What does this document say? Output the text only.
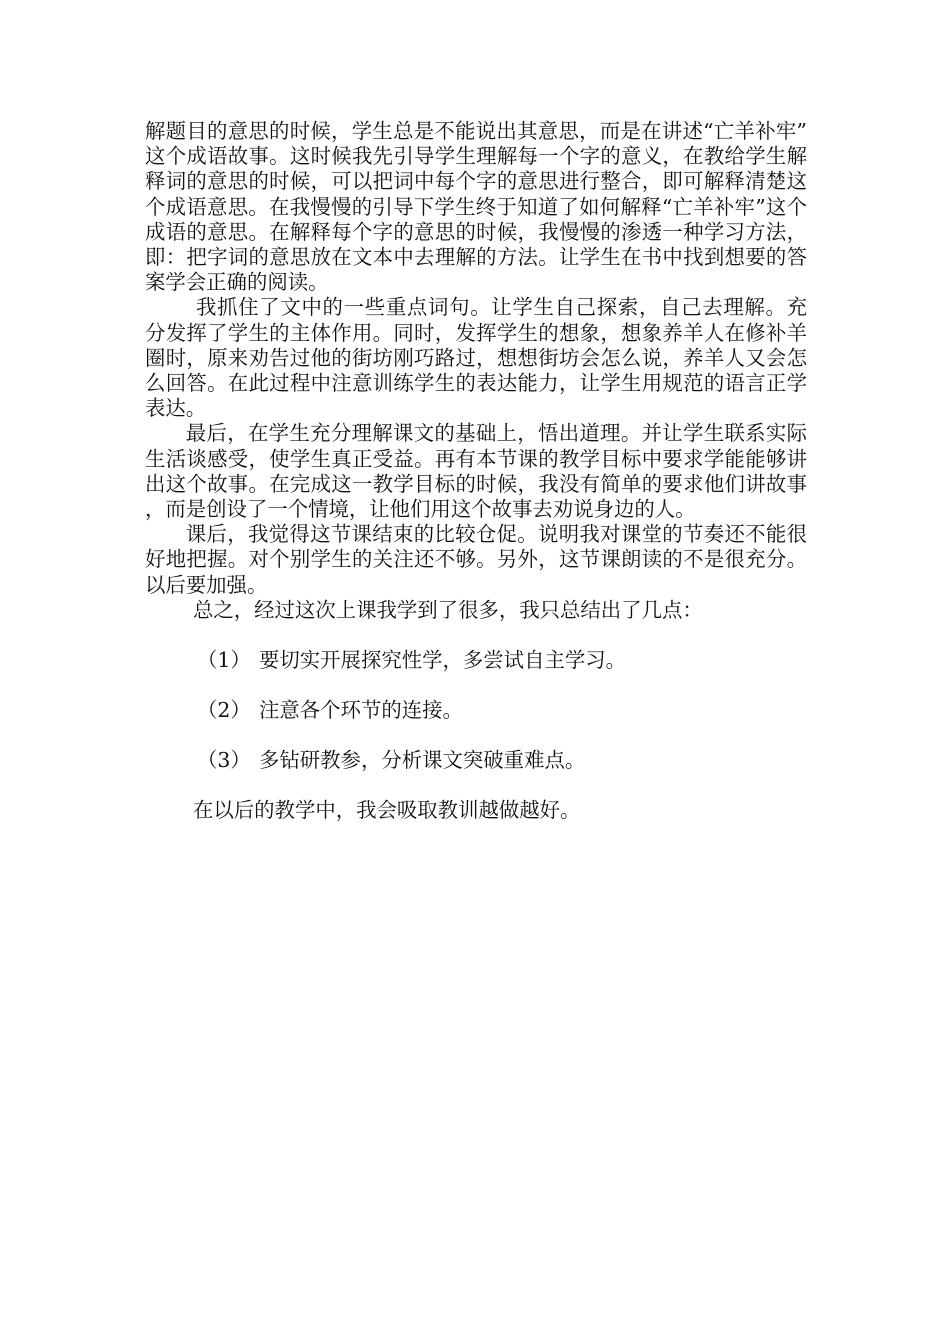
解题目的意思的时候，学生总是不能说出其意思，而是在讲述“亡羊补牢”这个成语故事。这时候我先引导学生理解每一个字的意义，在教给学生解释词的意思的时候，可以把词中每个字的意思进行整合，即可解释清楚这个成语意思。在我慢慢的引导下学生终于知道了如何解释“亡羊补牢”这个成语的意思。在解释每个字的意思的时候，我慢慢的渗透一种学习方法，即：把字词的意思放在文本中去理解的方法。让学生在书中找到想要的答案学会正确的阅读。

我抓住了文中的一些重点词句。让学生自己探索，自己去理解。充分发挥了学生的主体作用。同时，发挥学生的想象，想象养羊人在修补羊圈时，原来劝告过他的街坊刚巧路过，想想街坊会怎么说，养羊人又会怎么回答。在此过程中注意训练学生的表达能力，让学生用规范的语言正学表达。

最后，在学生充分理解课文的基础上，悟出道理。并让学生联系实际生活谈感受，使学生真正受益。再有本节课的教学目标中要求学能能够讲出这个故事。在完成这一教学目标的时候，我没有简单的要求他们讲故事，而是创设了一个情境，让他们用这个故事去劝说身边的人。

课后，我觉得这节课结束的比较仓促。说明我对课堂的节奏还不能很好地把握。对个别学生的关注还不够。另外，这节课朗读的不是很充分。以后要加强。

总之，经过这次上课我学到了很多，我只总结出了几点：

（1） 要切实开展探究性学，多尝试自主学习。
（2） 注意各个环节的连接。
（3） 多钻研教参，分析课文突破重难点。

在以后的教学中，我会吸取教训越做越好。
